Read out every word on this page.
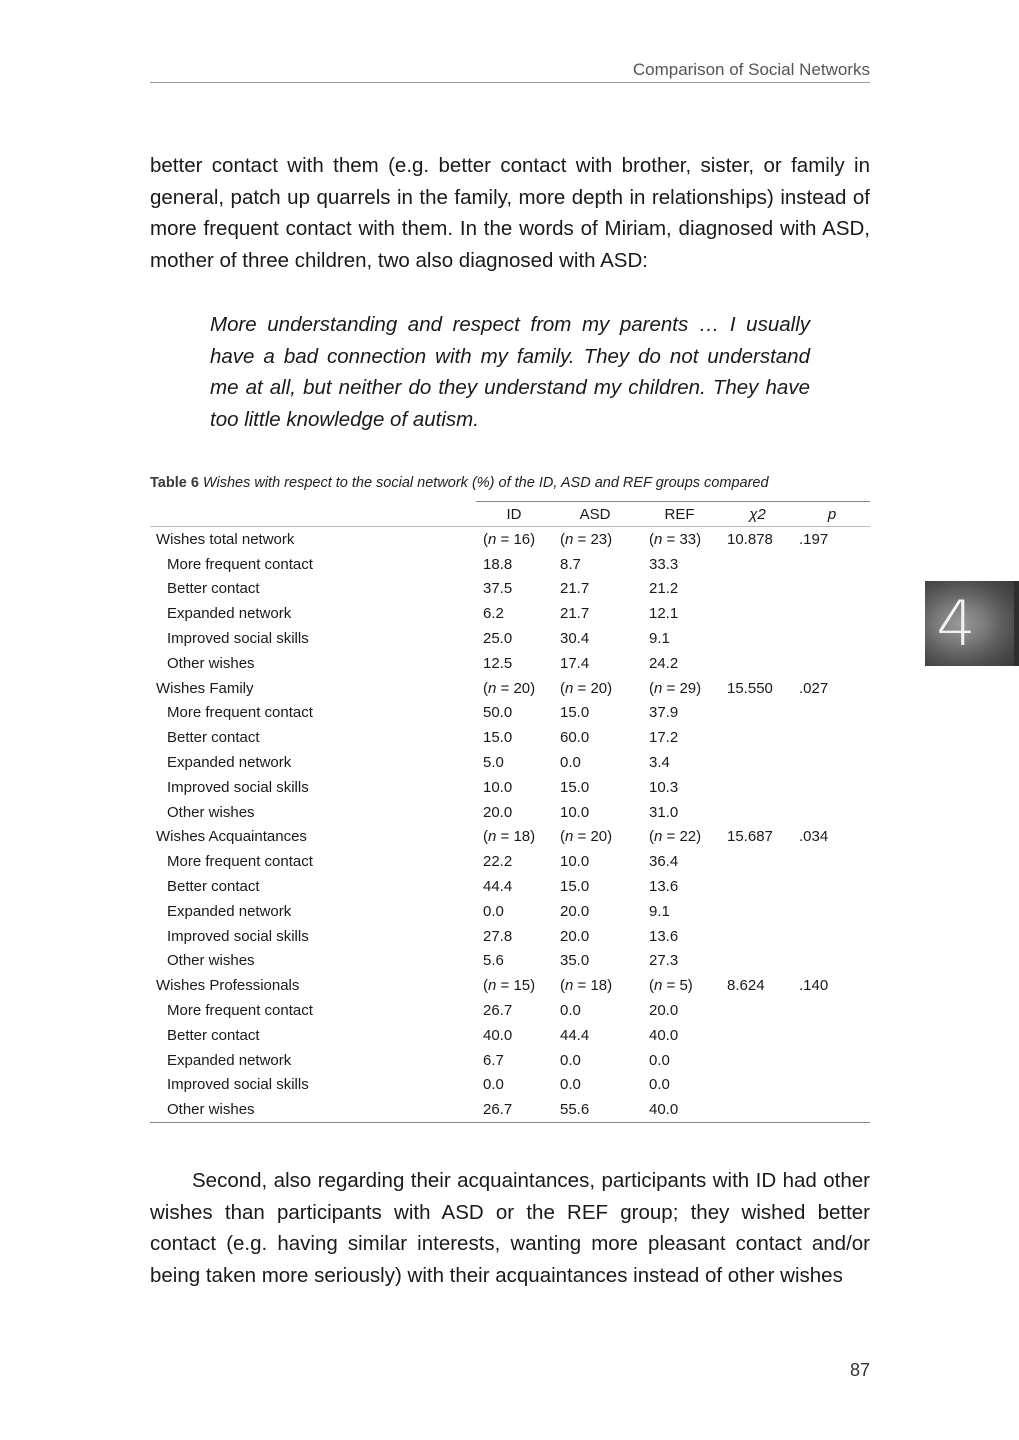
Comparison of Social Networks
better contact with them (e.g. better contact with brother, sister, or family in general, patch up quarrels in the family, more depth in relationships) instead of more frequent contact with them. In the words of Miriam, diagnosed with ASD, mother of three children, two also diagnosed with ASD:
More understanding and respect from my parents … I usually have a bad connection with my family. They do not understand me at all, but neither do they understand my children. They have too little knowledge of autism.
Table 6 Wishes with respect to the social network (%) of the ID, ASD and REF groups compared
	ID	ASD	REF	χ2	p
Wishes total network	(n = 16)	(n = 23)	(n = 33)	10.878	.197
More frequent contact	18.8	8.7	33.3		
Better contact	37.5	21.7	21.2		
Expanded network	6.2	21.7	12.1		
Improved social skills	25.0	30.4	9.1		
Other wishes	12.5	17.4	24.2		
Wishes Family	(n = 20)	(n = 20)	(n = 29)	15.550	.027
More frequent contact	50.0	15.0	37.9		
Better contact	15.0	60.0	17.2		
Expanded network	5.0	0.0	3.4		
Improved social skills	10.0	15.0	10.3		
Other wishes	20.0	10.0	31.0		
Wishes Acquaintances	(n = 18)	(n = 20)	(n = 22)	15.687	.034
More frequent contact	22.2	10.0	36.4		
Better contact	44.4	15.0	13.6		
Expanded network	0.0	20.0	9.1		
Improved social skills	27.8	20.0	13.6		
Other wishes	5.6	35.0	27.3		
Wishes Professionals	(n = 15)	(n = 18)	(n = 5)	8.624	.140
More frequent contact	26.7	0.0	20.0		
Better contact	40.0	44.4	40.0		
Expanded network	6.7	0.0	0.0		
Improved social skills	0.0	0.0	0.0		
Other wishes	26.7	55.6	40.0		
4
Second, also regarding their acquaintances, participants with ID had other wishes than participants with ASD or the REF group; they wished better contact (e.g. having similar interests, wanting more pleasant contact and/or being taken more seriously) with their acquaintances instead of other wishes
87
